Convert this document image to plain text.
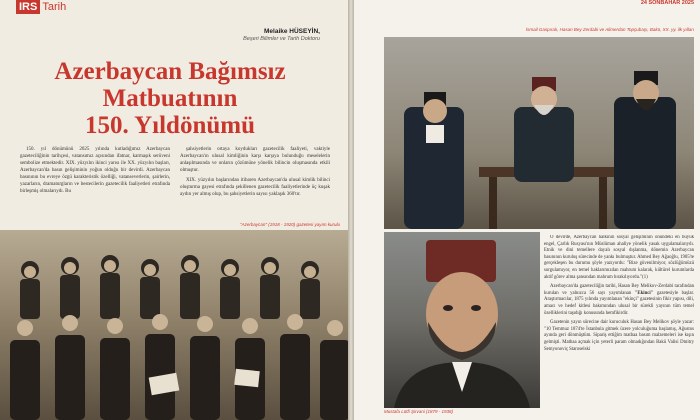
IRS Tarih
Melaike HÜSEYİN,
Beşeri Bilimler ve Tarih Doktoru
Azerbaycan Bağımsız
Matbuatının
150. Yıldönümü

150. yıl dönümünü 2025 yılında kutladığımız Azerbaycan gazeteciliğinin tarihçesi, vatansımız açısından ifatnar, karmaşık serüveni sembolize etmektedir. XIX. yüzyılın ikinci yarısı ile XX. yüzyılın başları, Azerbaycan'da basın gelişiminin yoğun olduğu bir devirdi. Azerbaycan basınının bu evreye özgü karakteristik özelliği, vatanseverlerin, şairlerin, yazarların, dramaturgların ve bestecilerin gazetecilik faaliyetleri etrafında birleşmiş olmalarıydı. Bu

şahsiyetlerin ortaya koydukları gazetecilik faaliyeti, vaktiyle Azerbaycan'ın ulusal kimliğinin karşı karşıya bulunduğu meselelerin anlaşılmasında ve onların çözümüne yönelik bilincin oluşmasında etkili olmuştur.

XIX. yüzyılın başlarından itibaren Azerbaycan'da ulusal kimlik bilinci oluşturma gayesi etrafında şekillenen gazetecilik faaliyetlerinde üç kuşak aydın yer almış olup, bu şahsiyetlerin sayısı yaklaşık 360'tır.

"Azerbaycan" (1918 - 1920) gazetesi yayım kurulu
24 SONBAHAR 2025
İsmail Gaspıralı, Hasan Bey Zerdabi ve Alimerdan Topçubaşı, Bakü, XX. yy. ilk yılları
Mustafa Lütfi Şirvani (1879 - 1938)

O devirde, Azerbaycan halkının sosyal gelişiminin önündeki en büyük engel, Çarlık Rusyası'nın Müslüman ahaliye yönelik yasak uygulamalarıydı. Etnik ve dini temellere dayalı sosyal dışlanma, dönemin Azerbaycan basınının kuruluş sürecinde de yankı bulmuştur. Ahmed Bey Ağaoğlu, 1905'te gerçekleşen bu durumu şöyle yazıyordu: "Bize güvenilmiyor, sözlüğümüzü sorgulamıyor, en temel haklarımızdan mahrum kalarak, kültürel kurumlarda aktif görev alma şansından mahrum bırakılıyordu."(1)

Azerbaycan'da gazeteciliğin tarihi, Hasan Bey Melikov-Zerdabi tarafından kurulan ve yalnızca 56 sayı yayımlanan "Ekinci" gazetesiyle başlar. Araştırmacılar, 1875 yılında yayımlanan "ekinçi" gazetesinin fikir yapısı, dili, amacı ve hedef kitlesi bakımından ulusal bir sürekli yayının tüm temel özelliklerini taşıdığı konusunda hemfikirdir.

Gazetenin yayın sürecine dair kuruculuk Hasan Bey Melikov şöyle yazar: "10 Temmuz 1874'te İstanbula gitmek üzere yolculuğuma başlamış, Ağustos ayında geri dönmüştüm. Sipariş ettiğim matbaa basım malzemeleri ise kışın gelmişti. Matbaa açmak için yeterli param olmadığından Bakü Valisi Dmitry Semyonoviç Staroselski
